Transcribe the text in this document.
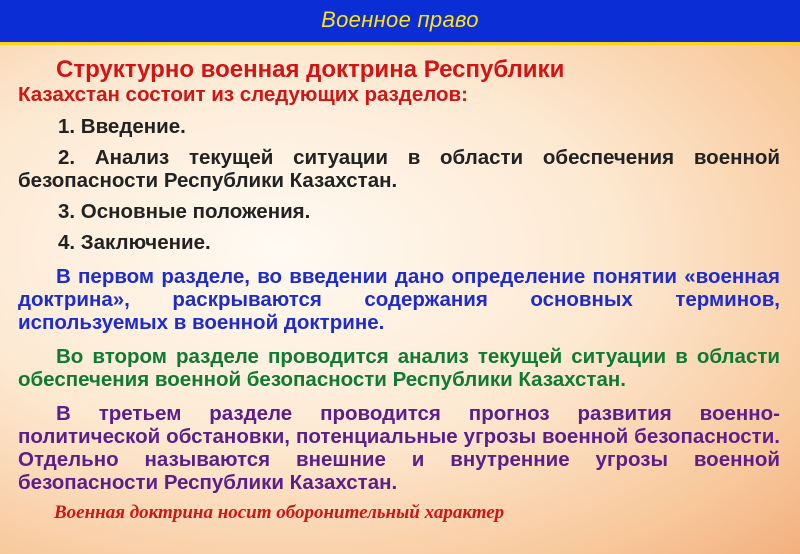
Военное право

Структурно военная доктрина Республики
Казахстан состоит из следующих разделов:

1. Введение.

2. Анализ текущей ситуации в области обеспечения военной безопасности Республики Казахстан.

3. Основные положения.

4. Заключение.

В первом разделе, во введении дано определение понятии «военная доктрина», раскрываются содержания основных терминов, используемых в военной доктрине.

Во втором разделе проводится анализ текущей ситуации в области обеспечения военной безопасности Республики Казахстан.

В третьем разделе проводится прогноз развития военно-политической обстановки, потенциальные угрозы военной безопасности. Отдельно называются внешние и внутренние угрозы военной безопасности Республики Казахстан.

Военная доктрина носит оборонительный характер
